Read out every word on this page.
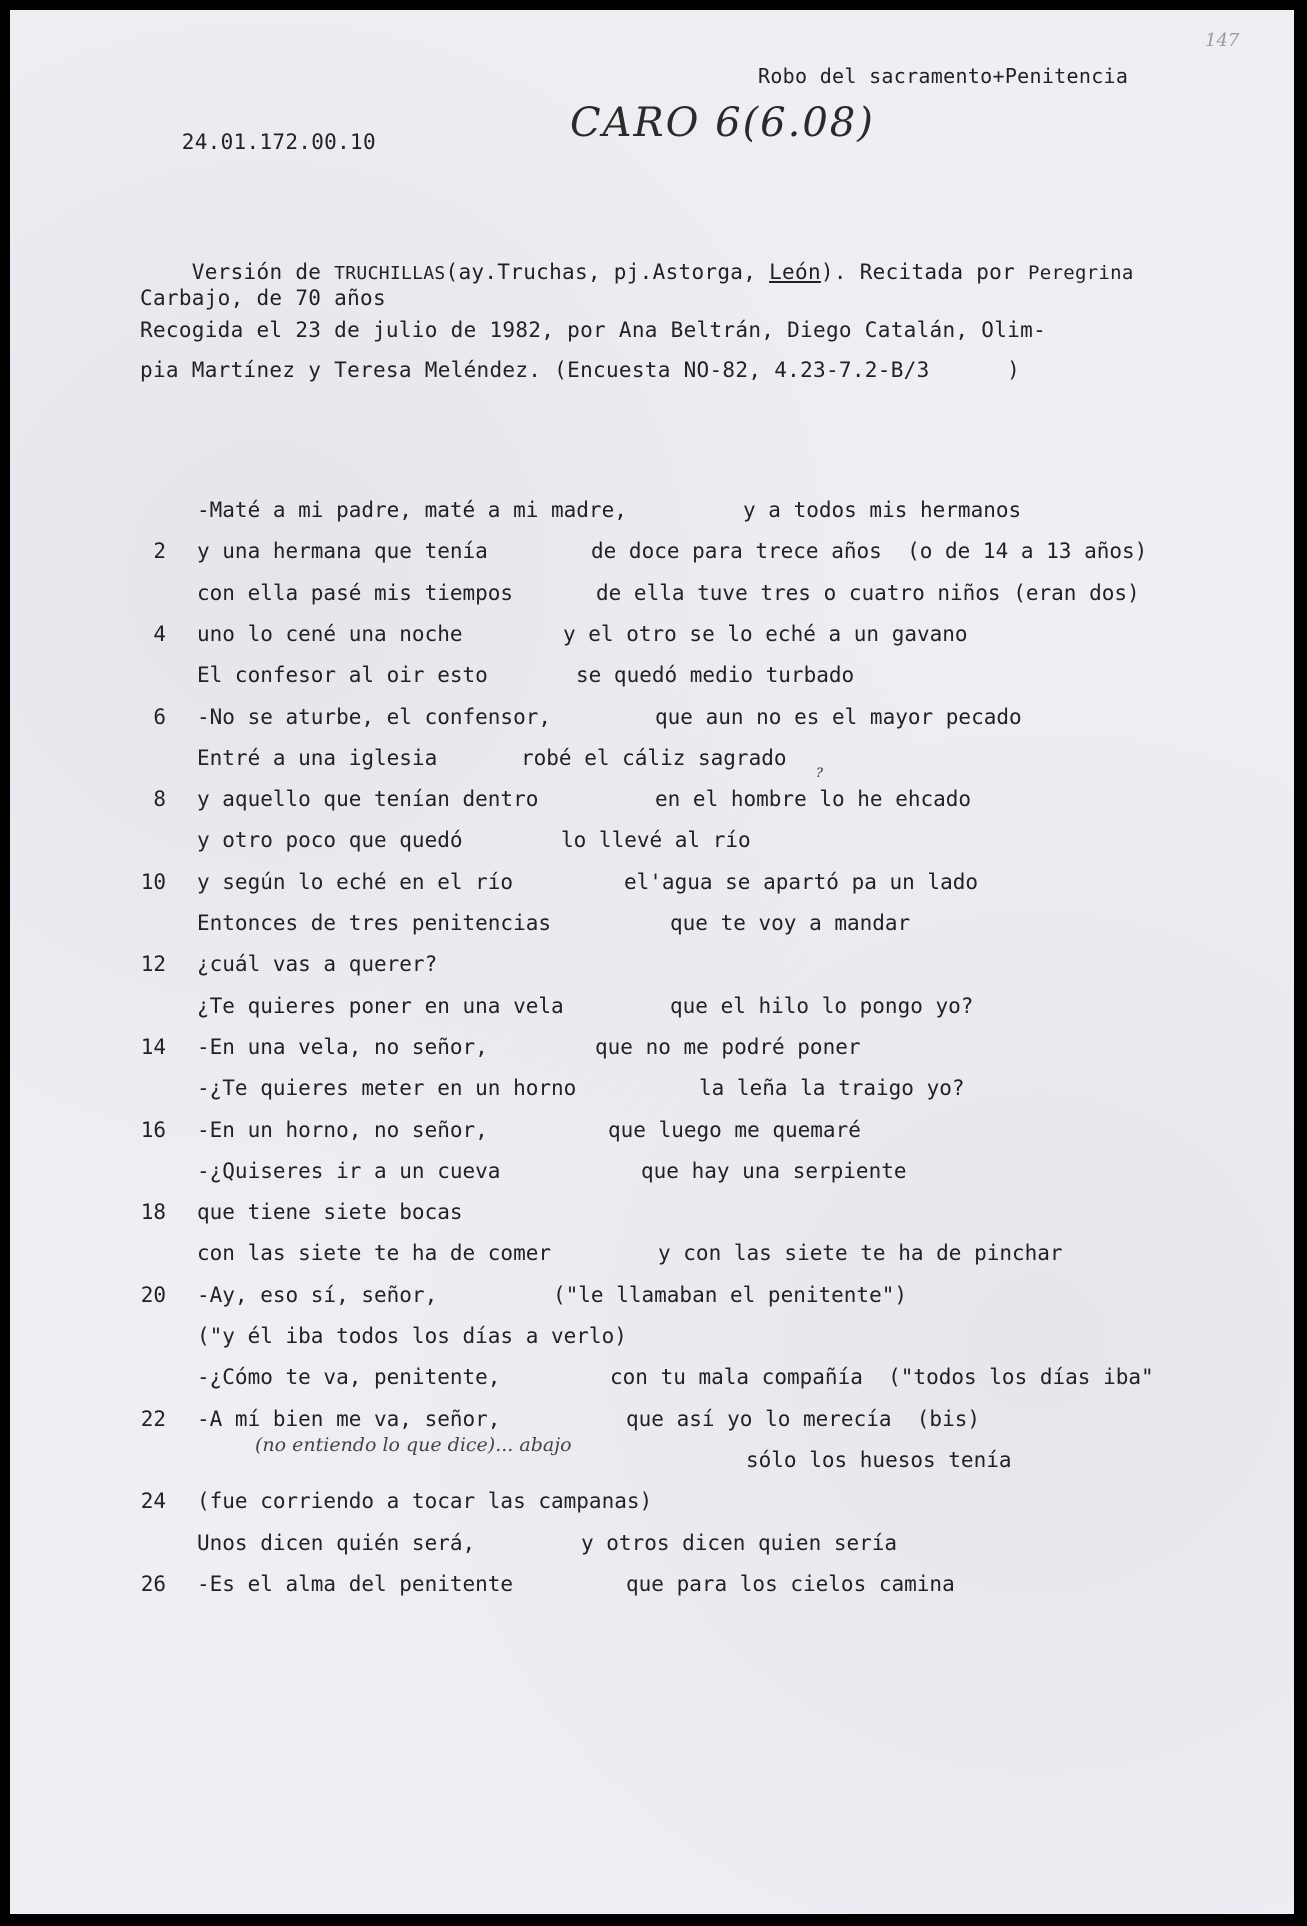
Robo del sacramento+Penitencia
147

24.01.172.00.10
	CARO 6(6.08)

Versión de TRUCHILLAS(ay.Truchas, pj.Astorga, León). Recitada por Peregrina

Carbajo, de 70 años
Recogida el 23 de julio de 1982, por Ana Beltrán, Diego Catalán, Olim-
pia Martínez y Teresa Meléndez. (Encuesta NO-82, 4.23-7.2-B/3      )
-Maté a mi padre, maté a mi madre,	y a todos mis hermanos
2 y una hermana que tenía	de doce para trece años  (o de 14 a 13 años)
con ella pasé mis tiempos	de ella tuve tres o cuatro niños (eran dos)
4 uno lo cené una noche	y el otro se lo eché a un gavano
El confesor al oir esto	se quedó medio turbado
6 -No se aturbe, el confensor,	que aun no es el mayor pecado
Entré a una iglesia	robé el cáliz sagrado
8 y aquello que tenían dentro	en el hombre lo he ehcado
y otro poco que quedó	lo llevé al río
10 y según lo eché en el río	el'agua se apartó pa un lado
Entonces de tres penitencias	que te voy a mandar
12 ¿cuál vas a querer?
¿Te quieres poner en una vela	que el hilo lo pongo yo?
14 -En una vela, no señor,	que no me podré poner
-¿Te quieres meter en un horno	la leña la traigo yo?
16 -En un horno, no señor,	que luego me quemaré
-¿Quiseres ir a un cueva	que hay una serpiente
18 que tiene siete bocas
con las siete te ha de comer	y con las siete te ha de pinchar
20 -Ay, eso sí, señor,	("le llamaban el penitente")
("y él iba todos los días a verlo)
-¿Cómo te va, penitente,	con tu mala compañía  ("todos los días iba"
22 -A mí bien me va, señor,	que así yo lo merecía  (bis)
sólo los huesos tenía
24 (fue corriendo a tocar las campanas)
Unos dicen quién será,	y otros dicen quien sería
26 -Es el alma del penitente	que para los cielos camina
(no entiendo lo que dice)... abajo
?
